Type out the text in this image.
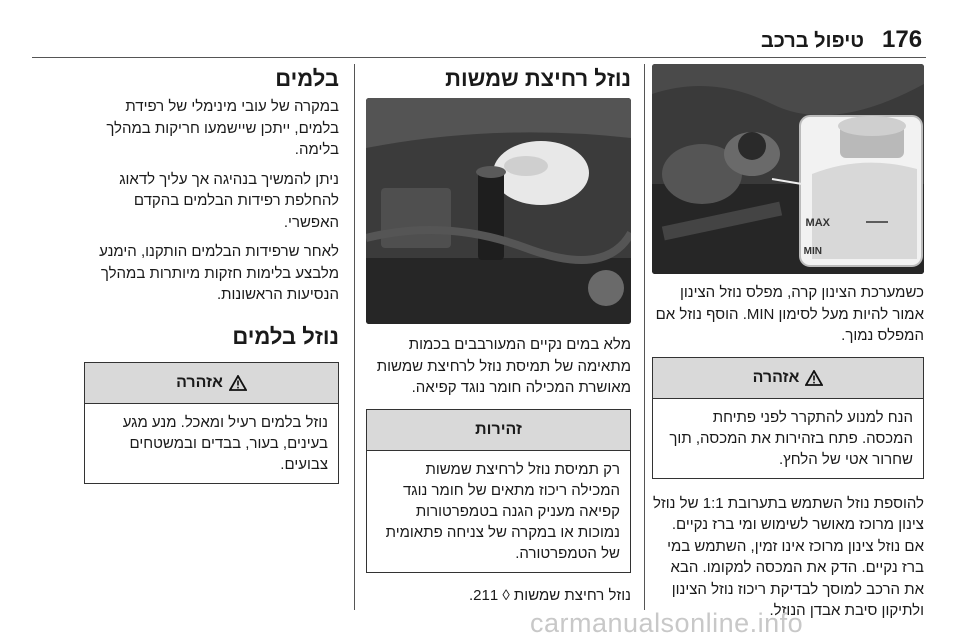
176
טיפול ברכב
MAX
MIN

כשמערכת הצינון קרה, מפלס נוזל הצינון אמור להיות מעל לסימון MIN. הוסף נוזל אם המפלס נמוך.

אזהרה
הנח למנוע להתקרר לפני פתיחת המכסה. פתח בזהירות את המכסה, תוך שחרור אטי של הלחץ.

להוספת נוזל השתמש בתערובת 1:1 של נוזל צינון מרוכז מאושר לשימוש ומי ברז נקיים. אם נוזל צינון מרוכז אינו זמין, השתמש במי ברז נקיים. הדק את המכסה למקומו. הבא את הרכב למוסך לבדיקת ריכוז נוזל הצינון ולתיקון סיבת אבדן הנוזל.

נוזל רחיצת שמשות

מלא במים נקיים המעורבבים בכמות מתאימה של תמיסת נוזל לרחיצת שמשות מאושרת המכילה חומר נוגד קפיאה.

זהירות
רק תמיסת נוזל לרחיצת שמשות המכילה ריכוז מתאים של חומר נוגד קפיאה מעניק הגנה בטמפרטורות נמוכות או במקרה של צניחה פתאומית של הטמפרטורה.

נוזל רחיצת שמשות ◊ 211.

בלמים

במקרה של עובי מינימלי של רפידת בלמים, ייתכן שיישמעו חריקות במהלך בלימה.

ניתן להמשיך בנהיגה אך עליך לדאוג להחלפת רפידות הבלמים בהקדם האפשרי.

לאחר שרפידות הבלמים הותקנו, הימנע מלבצע בלימות חזקות מיותרות במהלך הנסיעות הראשונות.

נוזל בלמים
אזהרה
נוזל בלמים רעיל ומאכל. מנע מגע בעינים, בעור, בבדים ובמשטחים צבועים.
carmanualsonline.info
